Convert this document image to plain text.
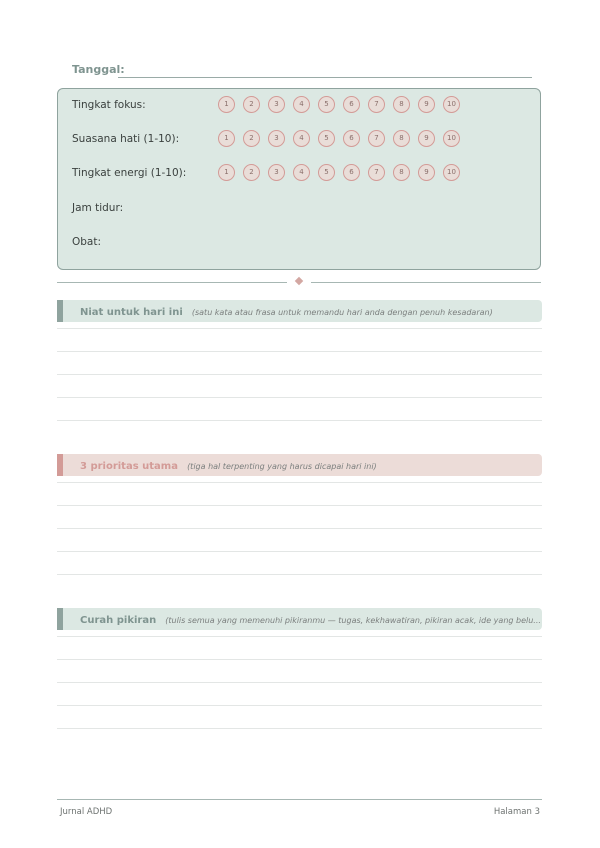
Tanggal:
Tingkat fokus:	1	2	3	4	5	6	7	8	9	10
Suasana hati (1-10):	1	2	3	4	5	6	7	8	9	10
Tingkat energi (1-10):	1	2	3	4	5	6	7	8	9	10
Jam tidur:
Obat:
Niat untuk hari ini (satu kata atau frasa untuk memandu hari anda dengan penuh kesadaran)
3 prioritas utama (tiga hal terpenting yang harus dicapai hari ini)
Curah pikiran (tulis semua yang memenuhi pikiranmu — tugas, kekhawatiran, pikiran acak, ide yang belu...
Jurnal ADHD	Halaman 3
